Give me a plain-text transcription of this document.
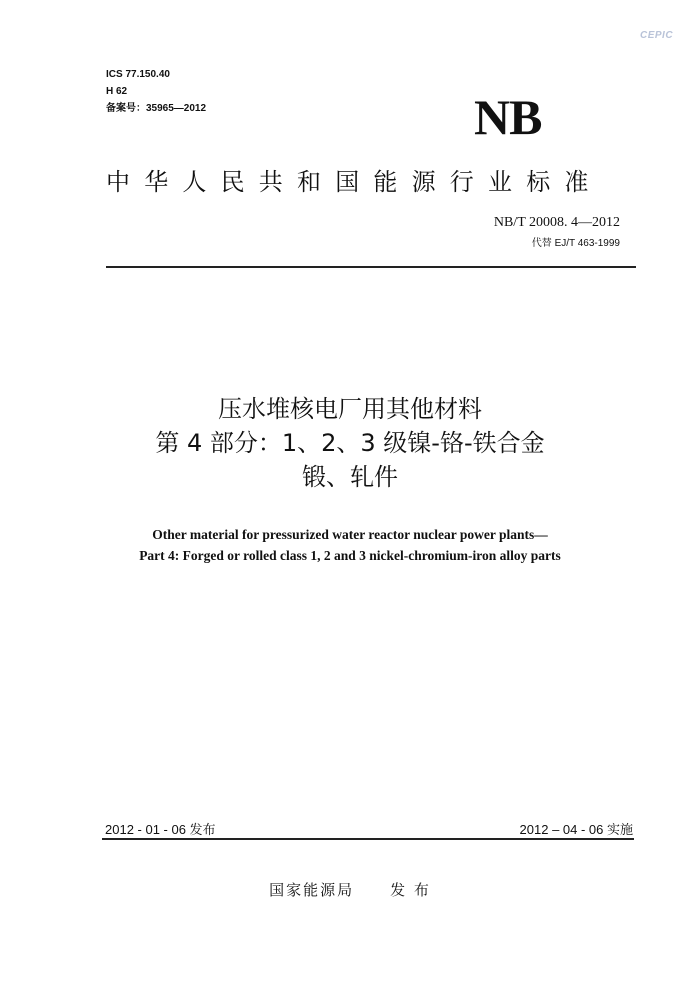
CEPIC
ICS 77.150.40
H 62
备案号：35965—2012	NB
中华人民共和国能源行业标准
NB/T 20008. 4—2012
代替 EJ/T 463-1999
压水堆核电厂用其他材料
第 4 部分：1、2、3 级镍-铬-铁合金
锻、轧件
Other material for pressurized water reactor nuclear power plants—
Part 4: Forged or rolled class 1, 2 and 3 nickel-chromium-iron alloy parts
2012 - 01 - 06 发布	2012 – 04 - 06 实施
国家能源局 发 布
